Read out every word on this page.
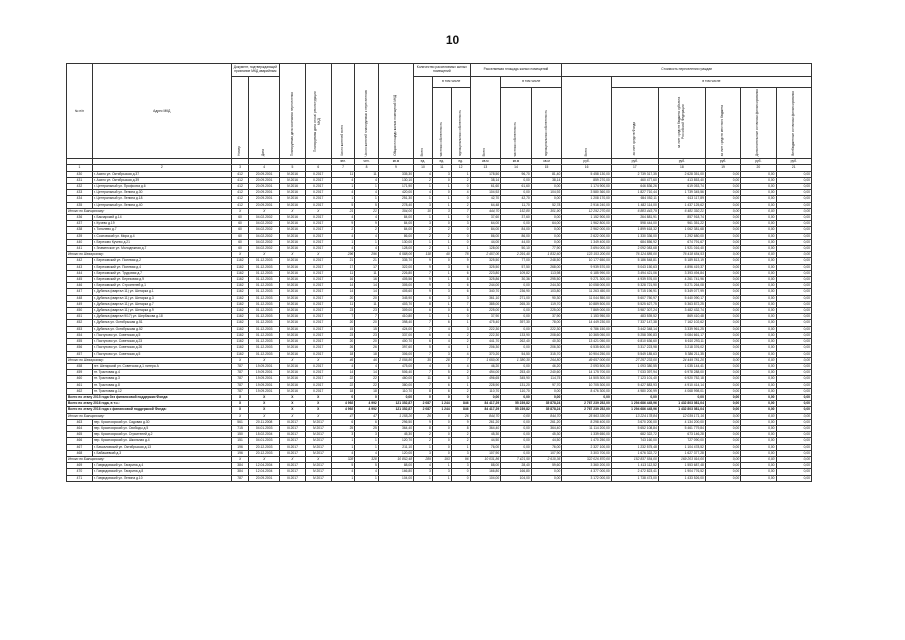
10
№ п/п	Адрес МКД	Документ, подтверждающий признание МКД аварийным		Планируемая дата окончания переселения	Планируемая дата сноса/ реконструкции МКД	Число жителей всего	Число жителей планируемых к переселению	Общая площадь жилых помещений МКД	Количество расселяемых жилых помещений			Расселяемая площадь жилых помещений			Стоимость переселения граждан					
		Номер	Дата						Всего	в том числе		Всего	в том числе		Всего	в том числе				
										частная собственность	муниципальная собственность		частная собственность	муниципальная собственность		за счет средств Фонда	за счет средств бюджета субъекта Российской Федерации	за счет средств местного бюджета	Дополнительные источники финансирования	Внебюджетные источники финансирования
						чел.	чел.	кв.м	ед.	ед.	ед.	кв.м	кв.м	кв.м	руб.	руб.	руб.	руб.	руб.	руб.
1	2	3	4	5	6	7	8	9	10	11	12	13	14	15	16	17	18	19	20	21
430	г. Асино ул. Октябрьская д.37	412	20.09.2001	IV.2016	II.2017	11	11	335,30	4	3	1	178,50	96,70	81,40	5 458 130,00	2 739 317,35	2 628 351,00	0,00	0,00	0,00
431	г. Асино ул. Октябрьская д.39	412	20.09.2001	IV.2016	II.2017	4	4	130,10	2	0	2	38,14	0,00	38,14	859 270,00	460 477,60	413 853,40	0,00	0,00	0,00
432	г. Центральный ул. Профсоюз д.6	412	20.09.2001	IV.2016	II.2017	1	1	171,90	1	1	0	61,60	61,60	0,00	1 174 900,00	646 836,26	619 053,74	0,00	0,00	0,00
433	г. Центральный ул. Ленина д.30	412	20.09.2001	IV.2016	II.2017	4	4	420,00	4	0	4	104,92	0,00	104,92	3 580 360,00	1 827 710,44	1 739 345,56	0,00	0,00	0,00
434	г. Центральный ул. Ленина д.18	412	20.09.2001	IV.2016	II.2017	1	1	251,30	1	1	0	42,70	42,70	0,00	1 208 170,00	654 052,11	613 117,89	0,00	0,00	0,00
435	г. Центральный ул. Ленина д.40	412	20.09.2001	IV.2016	II.2017	5	5	278,40	3	1	2	64,48	11,70	52,78	2 916 240,00	1 482 114,00	1 437 125,62	0,00	0,00	0,00
Итого по Бакчарскому:		X	X	X	X	21	21	304,00	10	3	7	444,70	152,80	301,90	12 292 270,00	6 883 443,79	6 481 392,21	0,00	0,00	0,00
436	г. Бакчарский д.14	60	04.02.2002	IV.2016	II.2017	4	4	84,00	1	1	0	37,60	37,60	0,00	1 152 900,00	264 881,91	857 918,74	0,00	0,00	0,00
437	г. Кучево д.19	60	04.02.2002	IV.2016	II.2017	9	9	84,00	3	0	3	64,00	0,00	64,00	1 962 800,00	598 444,00	961 351,22	0,00	0,00	0,00
438	г. Тополево д.7	60	04.02.2002	IV.2016	II.2017	2	2	84,00	2	2	0	84,00	84,00	0,00	2 962 000,00	1 899 618,32	1 062 381,68	0,00	0,00	0,00
439	г. Сосновский ул. Мира д.4	60	04.02.2002	IV.2016	II.2017	4	4	86,00	2	2	0	86,00	86,00	0,00	2 622 000,00	1 330 336,00	1 292 680,00	0,00	0,00	0,00
440	г. Березово Кучево д.21	60	04.02.2002	IV.2016	II.2017	1	1	130,00	1	1	0	44,00	44,00	0,00	1 349 400,00	684 856,92	674 791,67	0,00	0,00	0,00
441	г. Знаменское ул. Молодежная д.7	60	04.02.2002	IV.2016	II.2017	4	4	128,00	2	1	1	128,00	50,10	77,90	3 694 000,00	2 092 083,68	1 921 016,40	0,00	0,00	0,00
Итого по Шегарскому:		X	X	X	X	296	296	6 588,00	118	40	78	2 457,00	2 291,40	1 832,60	123 153 200,00	76 124 885,00	76 418 654,53	0,00	0,00	0,00
442	г. Березовский ул. Полевая д.2	1162	01.12.2003	IV.2016	II.2017	21	21	335,70	9	0	9	325,50	77,00	248,50	10 177 650,00	5 186 548,81	5 189 813,19	0,00	0,00	0,00
443	г. Березовский ул. Полевая д.4	1162	01.12.2003	IV.2016	II.2017	17	17	322,00	9	3	6	325,50	57,50	268,00	9 939 570,00	5 043 150,63	4 896 419,37	0,00	0,00	0,00
444	г. Березовский ул. Трудовая д.7	1162	01.12.2003	IV.2016	II.2017	11	11	226,80	7	1	6	223,80	109,82	113,98	6 185 990,00	3 494 421,06	3 393 494,84	0,00	0,00	0,00
445	г. Березовский ул. Березовая д.9	1162	01.12.2003	IV.2016	II.2017	16	16	405,56	9	1	8	325,86	30,36	295,50	9 271 300,00	4 939 576,00	4 261 741,96	0,00	0,00	0,00
446	г. Березовский ул. Строителей д.1	1162	01.12.2003	IV.2016	II.2017	14	14	305,00	9	3	6	244,00	0,00	244,30	10 058 000,00	5 328 721,90	5 271 264,08	0,00	0,00	0,00
447	г. Дубинка (квартал 11) ул. Шегарка д.1	1162	01.12.2003	IV.2016	II.2017	14	14	405,60	9	3	6	340,70	236,90	103,80	11 263 450,00	5 715 196,91	5 349 077,99	0,00	0,00	0,00
448	г. Дубинка (квартал 11) ул. Шегарка д.3	1162	01.12.2003	IV.2016	II.2017	20	20	345,90	6	3	3	361,10	271,00	90,30	11 044 550,00	5 607 750,97	5 440 090,17	0,00	0,00	0,00
449	г. Дубинка (квартал 11) ул. Шегарка д.7	1162	01.12.2003	IV.2016	II.2017	11	11	403,70	8	1	7	385,00	265,30	119,70	10 889 500,00	5 525 627,75	5 363 872,25	0,00	0,00	0,00
450	г. Дубинка (квартал 11) ул. Шегарка д.9	1162	01.12.2003	IV.2016	II.2017	23	23	309,00	6	0	6	225,00	0,00	225,00	7 869 000,00	3 987 307,24	3 482 432,74	0,00	0,00	0,00
451	г. Дубинка (квартал 9/17) ул. Шербакова д.18	1162	01.12.2003	IV.2016	II.2017	7	7	410,80	1	1	0	37,90	0,00	37,90	1 153 950,00	483 539,52	869 410,48	0,00	0,00	0,00
452	г. Дубинка ул. Октябрьская д.51	1162	01.12.2003	IV.2016	II.2017	20	20	398,40	7	6	1	475,40	397,30	78,00	14 449 230,00	7 337 147,38	7 162 102,62	0,00	0,00	0,00
453	г. Дубинка ул. Октябрьская д.52	1162	01.12.2003	IV.2016	II.2017	15	15	424,00	7	4	3	222,30	0,00	222,30	6 786 150,00	3 442 348,14	3 339 961,25	0,00	0,00	0,00
454	г. Пастухово ул. Советская д.5	1162	01.12.2003	IV.2016	II.2017	23	23	337,00	6	4	2	222,30	133,90	208,60	10 365 050,00	5 258 390,83	5 084 661,17	0,00	0,00	0,00
455	г. Пастухово ул. Советская д.23	1162	01.12.2003	IV.2016	II.2017	20	20	400,70	6	4	2	441,70	262,40	40,30	13 421 050,00	6 810 636,60	6 610 293,11	0,00	0,00	0,00
456	г. Пастухово ул. Советская д.26	1162	01.12.2003	IV.2016	II.2017	26	26	397,60	5	4	1	206,30	0,00	206,30	6 535 600,00	3 317 223,98	3 218 376,02	0,00	0,00	0,00
457	г. Пастухово ул. Советская д.5	1162	01.12.2003	IV.2016	II.2017	18	18	306,00	7	3	4	370,20	54,50	315,70	10 904 250,00	5 549 185,63	5 386 211,35	0,00	0,00	0,00
Итого по Шегарскому:		X	X	X	X	46	46	2 056,80	35	28	7	1 650,00	1 380,30	264,80	49 657 000,00	27 257 233,00	24 449 781,20	0,00	0,00	0,00
458	пгт. Шегарский ул. Советская д.1 литера А	787	19.09.2001	IV.2016	II.2017	4	4	475,00	4	0	4	46,20	0,00	46,20	2 093 500,00	1 093 380,55	1 035 144,41	0,00	0,00	0,00
459	пт. Трактовая д.4	787	19.09.2001	IV.2016	II.2017	14	14	506,40	7	5	2	494,00	253,40	240,60	14 175 700,00	7 033 397,94	6 978 288,00	0,00	0,00	0,00
460	пт. Трактовая д.3	787	19.09.2001	IV.2016	II.2017	22	22	460,00	11	8	3	496,65	345,90	114,75	14 505 300,00	7 123 101,40	6 920 752,18	0,00	0,00	0,00
461	пт. Трактовая д.8	787	19.09.2001	IV.2016	II.2017	22	22	380,00	7	6	1	228,90	131,20	97,70	10 705 300,00	5 427 883,93	4 910 414,14	0,00	0,00	0,00
462	пт. Трактовая д.12	787	19.09.2001	IV.2016	II.2017	18	18	110,70	8	6	2	110,70	110,70	0,00	8 476 300,00	4 980 200,99	4 068 998,01	0,00	0,00	0,00
Всего по этапу 2015 года без финансовой поддержки Фонда:		X	X	X	X	0	0	0,00	0	0	0	0,00	0,00	0,00	0,00	0,00	0,00	0,00	0,00	0,00
Всего по этапу 2016 года, в т.ч.:		X	X	X	X	4 992	4 992	121 352,87	2 087	1 244	846	84 417,29	55 239,82	35 878,24	2 767 239 252,00	1 294 686 445,96	1 432 803 081,04	0,00	0,00	0,00
Всего по этапу 2016 года с финансовой поддержкой Фонда:		X	X	X	X	4 992	4 992	121 352,87	2 087	1 244	846	84 417,29	55 239,82	35 878,24	2 767 239 252,00	1 294 686 445,96	1 432 803 081,04	0,00	0,00	0,00
Итого по Бакчарскому:		X	X	X	X	47	47	1 155,20	26	0	26	844,70	0,00	844,70	25 963 330,00	13 224 178,84	12 039 171,16	0,00	0,00	0,00
463	пер. Красноярский ул. Садовая д.30	561	20.11.2008	III.2017	IV.2017	6	6	296,50	9	0	9	261,20	0,00	261,20	8 298 400,00	3 670 200,00	4 134 200,00	0,00	0,00	0,00
464	пер. Красноярский ул. Свободы д.5	715	04.01.2003	III.2017	IV.2017	25	25	364,40	8	0	8	364,40	0,00	364,40	11 114 200,00	5 652 108,84	5 461 779,84	0,00	0,00	0,00
465	пер. Красноярский ул. Строителей д.2	150	15.02.2004	III.2017	IV.2017	3	3	45,30	2	0	2	45,30	0,00	45,30	1 339 650,00	682 322,72	673 146,28	0,00	0,00	0,00
466	пер. Красноярский ул. Школьная д.4	151	04.01.2003	III.2017	IV.2017	1	1	120,70	2	0	2	44,50	0,00	44,50	1 470 250,00	743 160,00	727 090,00	0,00	0,00	0,00
467	г. Бачкаловский ул. Октябрьская д.13	196	20.12.2003	III.2017	IV.2017	1	1	211,10	1	0	1	76,00	0,00	76,00	2 327 100,00	1 232 575,48	1 104 478,52	0,00	0,00	0,00
468	г. Бабашевкий д.3	196	20.12.2003	III.2017	IV.2017	4	4	120,00	3	0	3	107,90	0,00	107,90	3 303 700,00	1 676 322,72	1 627 377,28	0,00	0,00	0,00
Итого по Бакчарскому:		X	X	X	X	328	328	10 852,48	289	193	96	10 031,86	7 421,50	2 610,36	322 026 870,00	152 837 554,00	169 203 916,00	0,00	0,00	0,00
469	г. Гавридовский ул. Гагарина д.4	384	12.04.2004	III.2017	IV.2017	5	5	88,00	4	1	3	88,00	28,40	59,60	3 360 200,00	1 413 112,52	1 553 687,48	0,00	0,00	0,00
470	г. Гавридовский ул. Гагарина д.8	384	12.04.2004	III.2017	IV.2017	4	4	166,80	3	3	0	166,80	166,80	0,00	4 377 000,00	2 472 823,41	1 904 776,52	0,00	0,00	0,00
471	г. Гавридовский ул. Ленина д.10	787	20.09.2001	III.2017	IV.2017	1	1	104,00	1	1	0	104,00	104,00	0,00	3 172 000,00	1 738 473,00	1 433 526,00	0,00	0,00	0,00
